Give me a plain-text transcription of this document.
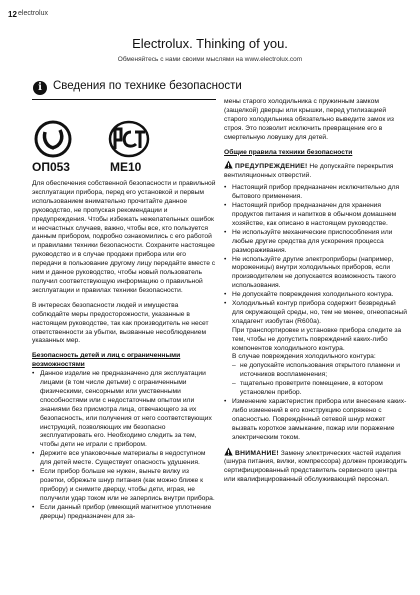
12 electrolux
Electrolux. Thinking of you.
Обменяйтесь с нами своими мыслями на www.electrolux.com
i Сведения по технике безопасности
ОП053	ME10

Для обеспечения собственной безопасности и правильной эксплуатации прибора, перед его установкой и первым использованием внимательно прочитайте данное руководство, не пропуская рекомендации и предупреждения. Чтобы избежать нежелательных ошибок и несчастных случаев, важно, чтобы все, кто пользуется данным прибором, подробно ознакомились с его работой и правилами техники безопасности. Сохраните настоящее руководство и в случае продажи прибора или его передачи в пользование другому лицу передайте вместе с ним и данное руководство, чтобы новый пользователь получил соответствующую информацию о правильной эксплуатации и правилах техники безопасности.

В интересах безопасности людей и имущества соблюдайте меры предосторожности, указанные в настоящем руководстве, так как производитель не несет ответственности за убытки, вызванные несоблюдением указанных мер.

Безопасность детей и лиц с ограниченными возможностями

• Данное изделие не предназначено для эксплуатации лицами (в том числе детьми) с ограниченными физическими, сенсорными или умственными способностями или с недостаточным опытом или знаниями без присмотра лица, отвечающего за их безопасность, или получения от него соответствующих инструкций, позволяющих им безопасно эксплуатировать его. Необходимо следить за тем, чтобы дети не играли с прибором.
• Держите все упаковочные материалы в недоступном для детей месте. Существует опасность удушения.
• Если прибор больше не нужен, выньте вилку из розетки, обрежьте шнур питания (как можно ближе к прибору) и снимите дверцу, чтобы дети, играя, не получили удар током или не заперлись внутри прибора.
• Если данный прибор (имеющий магнитное уплотнение дверцы) предназначен для за-

мены старого холодильника с пружинным замком (защелкой) дверцы или крышки, перед утилизацией старого холодильника обязательно выведите замок из строя. Это позволит исключить превращение его в смертельную ловушку для детей.

Общие правила техники безопасности

ПРЕДУПРЕЖДЕНИЕ! Не допускайте перекрытия вентиляционных отверстий.

• Настоящий прибор предназначен исключительно для бытового применения.
• Настоящий прибор предназначен для хранения продуктов питания и напитков в обычном домашнем хозяйстве, как описано в настоящем руководстве.
• Не используйте механические приспособления или любые другие средства для ускорения процесса размораживания.
• Не используйте другие электроприборы (например, мороженицы) внутри холодильных приборов, если производителем не допускается возможность такого использования.
• Не допускайте повреждения холодильного контура.
• Холодильный контур прибора содержит безвредный для окружающей среды, но, тем не менее, огнеопасный хладагент изобутан (R600a).
При транспортировке и установке прибора следите за тем, чтобы не допустить повреждений каких-либо компонентов холодильного контура.
В случае повреждения холодильного контура:
– не допускайте использования открытого пламени и источников воспламенения;
– тщательно проветрите помещение, в котором установлен прибор.
• Изменение характеристик прибора или внесение каких-либо изменений в его конструкцию сопряжено с опасностью. Повреждённый сетевой шнур может вызвать короткое замыкание, пожар или поражение электрическим током.

ВНИМАНИЕ! Замену электрических частей изделия (шнура питания, вилки, компрессора) должен производить сертифицированный представитель сервисного центра или квалифицированный обслуживающий персонал.
